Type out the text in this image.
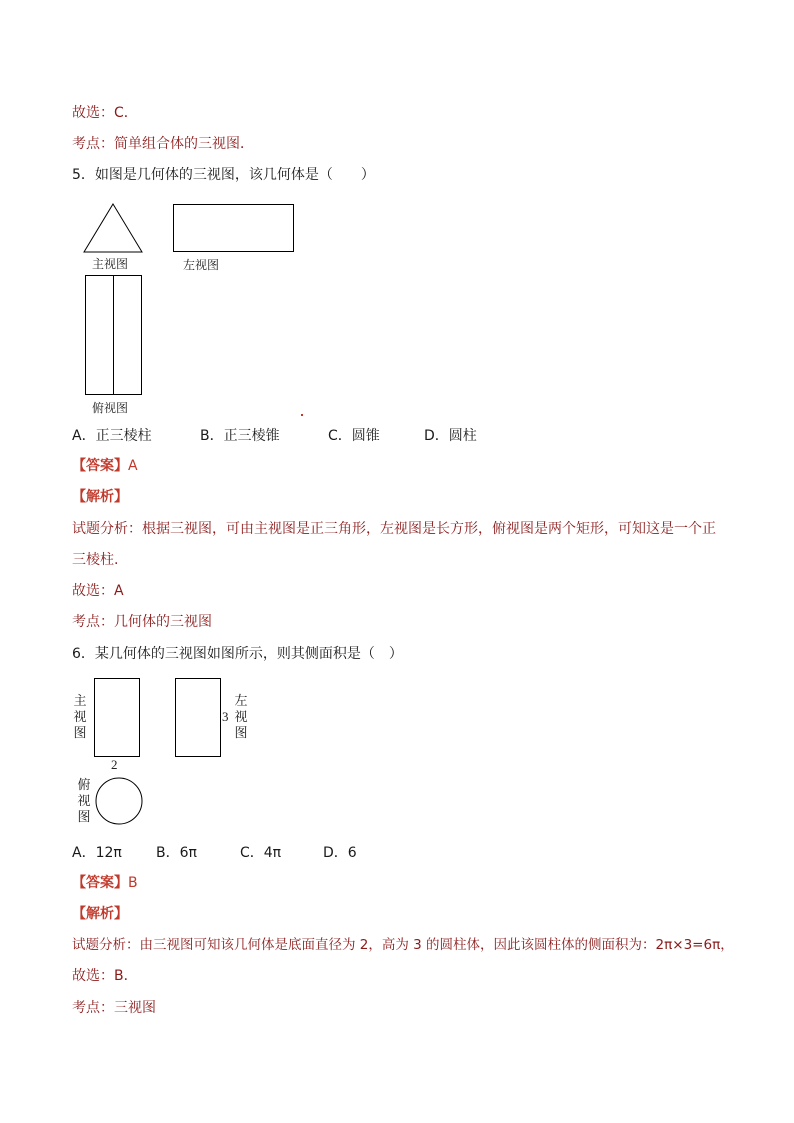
故选：C．
考点：简单组合体的三视图．
5．如图是几何体的三视图，该几何体是（　　）
主视图	左视图
俯视图
A．正三棱柱	B．正三棱锥	C．圆锥	D．圆柱
【答案】A
【解析】
试题分析：根据三视图，可由主视图是正三角形，左视图是长方形，俯视图是两个矩形，可知这是一个正
三棱柱.
故选：A
考点：几何体的三视图
6．某几何体的三视图如图所示，则其侧面积是（　）
主视图
2
3
左视图
俯视图
A．12π B．6π	C．4π	D．6
【答案】B
【解析】
试题分析：由三视图可知该几何体是底面直径为 2，高为 3 的圆柱体，因此该圆柱体的侧面积为：2π×3=6π，
故选：B．
考点：三视图
